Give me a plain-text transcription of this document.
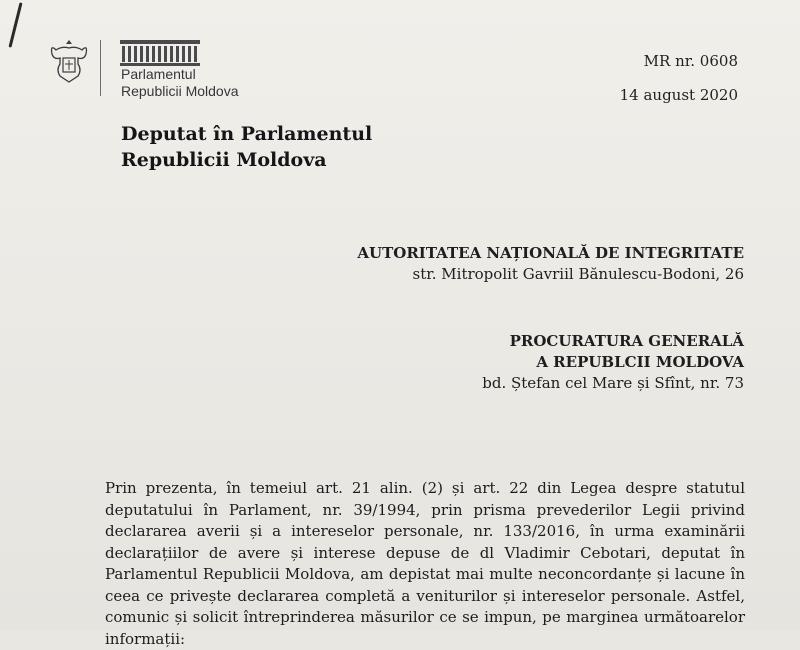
Parlamentul
Republicii Moldova
MR nr. 0608
14 august 2020
Deputat în Parlamentul
Republicii Moldova
AUTORITATEA NAȚIONALĂ DE INTEGRITATE
str. Mitropolit Gavriil Bănulescu-Bodoni, 26
PROCURATURA GENERALĂ
A REPUBLCII MOLDOVA
bd. Ștefan cel Mare și Sfînt, nr. 73
Prin prezenta, în temeiul art. 21 alin. (2) și art. 22 din Legea despre statutul deputatului în Parlament, nr. 39/1994, prin prisma prevederilor Legii privind declararea averii și a intereselor personale, nr. 133/2016, în urma examinării declarațiilor de avere și interese depuse de dl Vladimir Cebotari, deputat în Parlamentul Republicii Moldova, am depistat mai multe neconcordanțe și lacune în ceea ce privește declararea completă a veniturilor și intereselor personale. Astfel, comunic și solicit întreprinderea măsurilor ce se impun, pe marginea următoarelor informații:
